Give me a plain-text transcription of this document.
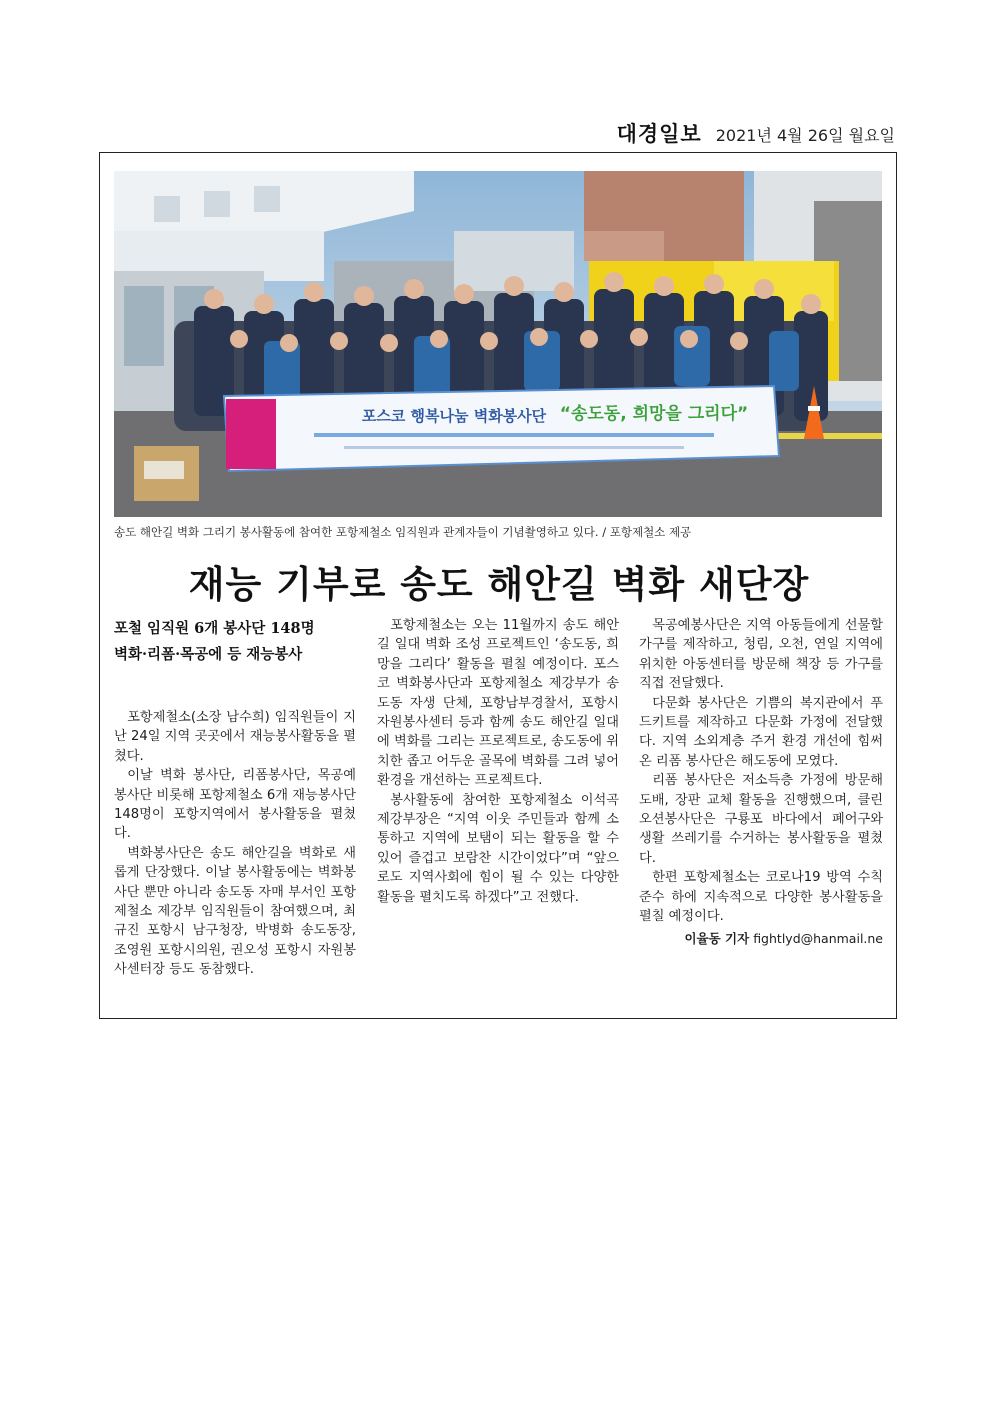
대경일보 2021년 4월 26일 월요일
포스코 행복나눔 벽화봉사단 “송도동, 희망을 그리다”
송도 해안길 벽화 그리기 봉사활동에 참여한 포항제철소 임직원과 관계자들이 기념촬영하고 있다. / 포항제철소 제공
재능 기부로 송도 해안길 벽화 새단장
포철 임직원 6개 봉사단 148명
벽화·리폼·목공에 등 재능봉사

포항제철소(소장 남수희) 임직원들이 지난 24일 지역 곳곳에서 재능봉사활동을 펼쳤다.

이날 벽화 봉사단, 리폼봉사단, 목공예봉사단 비롯해 포항제철소 6개 재능봉사단 148명이 포항지역에서 봉사활동을 펼쳤다.

벽화봉사단은 송도 해안길을 벽화로 새롭게 단장했다. 이날 봉사활동에는 벽화봉사단 뿐만 아니라 송도동 자매 부서인 포항제철소 제강부 임직원들이 참여했으며, 최규진 포항시 남구청장, 박병화 송도동장, 조영원 포항시의원, 권오성 포항시 자원봉사센터장 등도 동참했다.

포항제철소는 오는 11월까지 송도 해안길 일대 벽화 조성 프로젝트인 ‘송도동, 희망을 그리다’ 활동을 펼칠 예정이다. 포스코 벽화봉사단과 포항제철소 제강부가 송도동 자생 단체, 포항남부경찰서, 포항시 자원봉사센터 등과 함께 송도 해안길 일대에 벽화를 그리는 프로젝트로, 송도동에 위치한 좁고 어두운 골목에 벽화를 그려 넣어 환경을 개선하는 프로젝트다.

봉사활동에 참여한 포항제철소 이석곡 제강부장은 “지역 이웃 주민들과 함께 소통하고 지역에 보탬이 되는 활동을 할 수 있어 즐겁고 보람찬 시간이었다”며 “앞으로도 지역사회에 힘이 될 수 있는 다양한 활동을 펼치도록 하겠다”고 전했다.

목공예봉사단은 지역 아동들에게 선물할 가구를 제작하고, 청림, 오천, 연일 지역에 위치한 아동센터를 방문해 책장 등 가구를 직접 전달했다.

다문화 봉사단은 기쁨의 복지관에서 푸드키트를 제작하고 다문화 가정에 전달했다. 지역 소외계층 주거 환경 개선에 힘써온 리폼 봉사단은 해도동에 모였다.

리폼 봉사단은 저소득층 가정에 방문해 도배, 장판 교체 활동을 진행했으며, 클린오션봉사단은 구룡포 바다에서 폐어구와 생활 쓰레기를 수거하는 봉사활동을 펼쳤다.

한편 포항제철소는 코로나19 방역 수칙 준수 하에 지속적으로 다양한 봉사활동을 펼칠 예정이다.

이율동 기자 fightlyd@hanmail.ne
